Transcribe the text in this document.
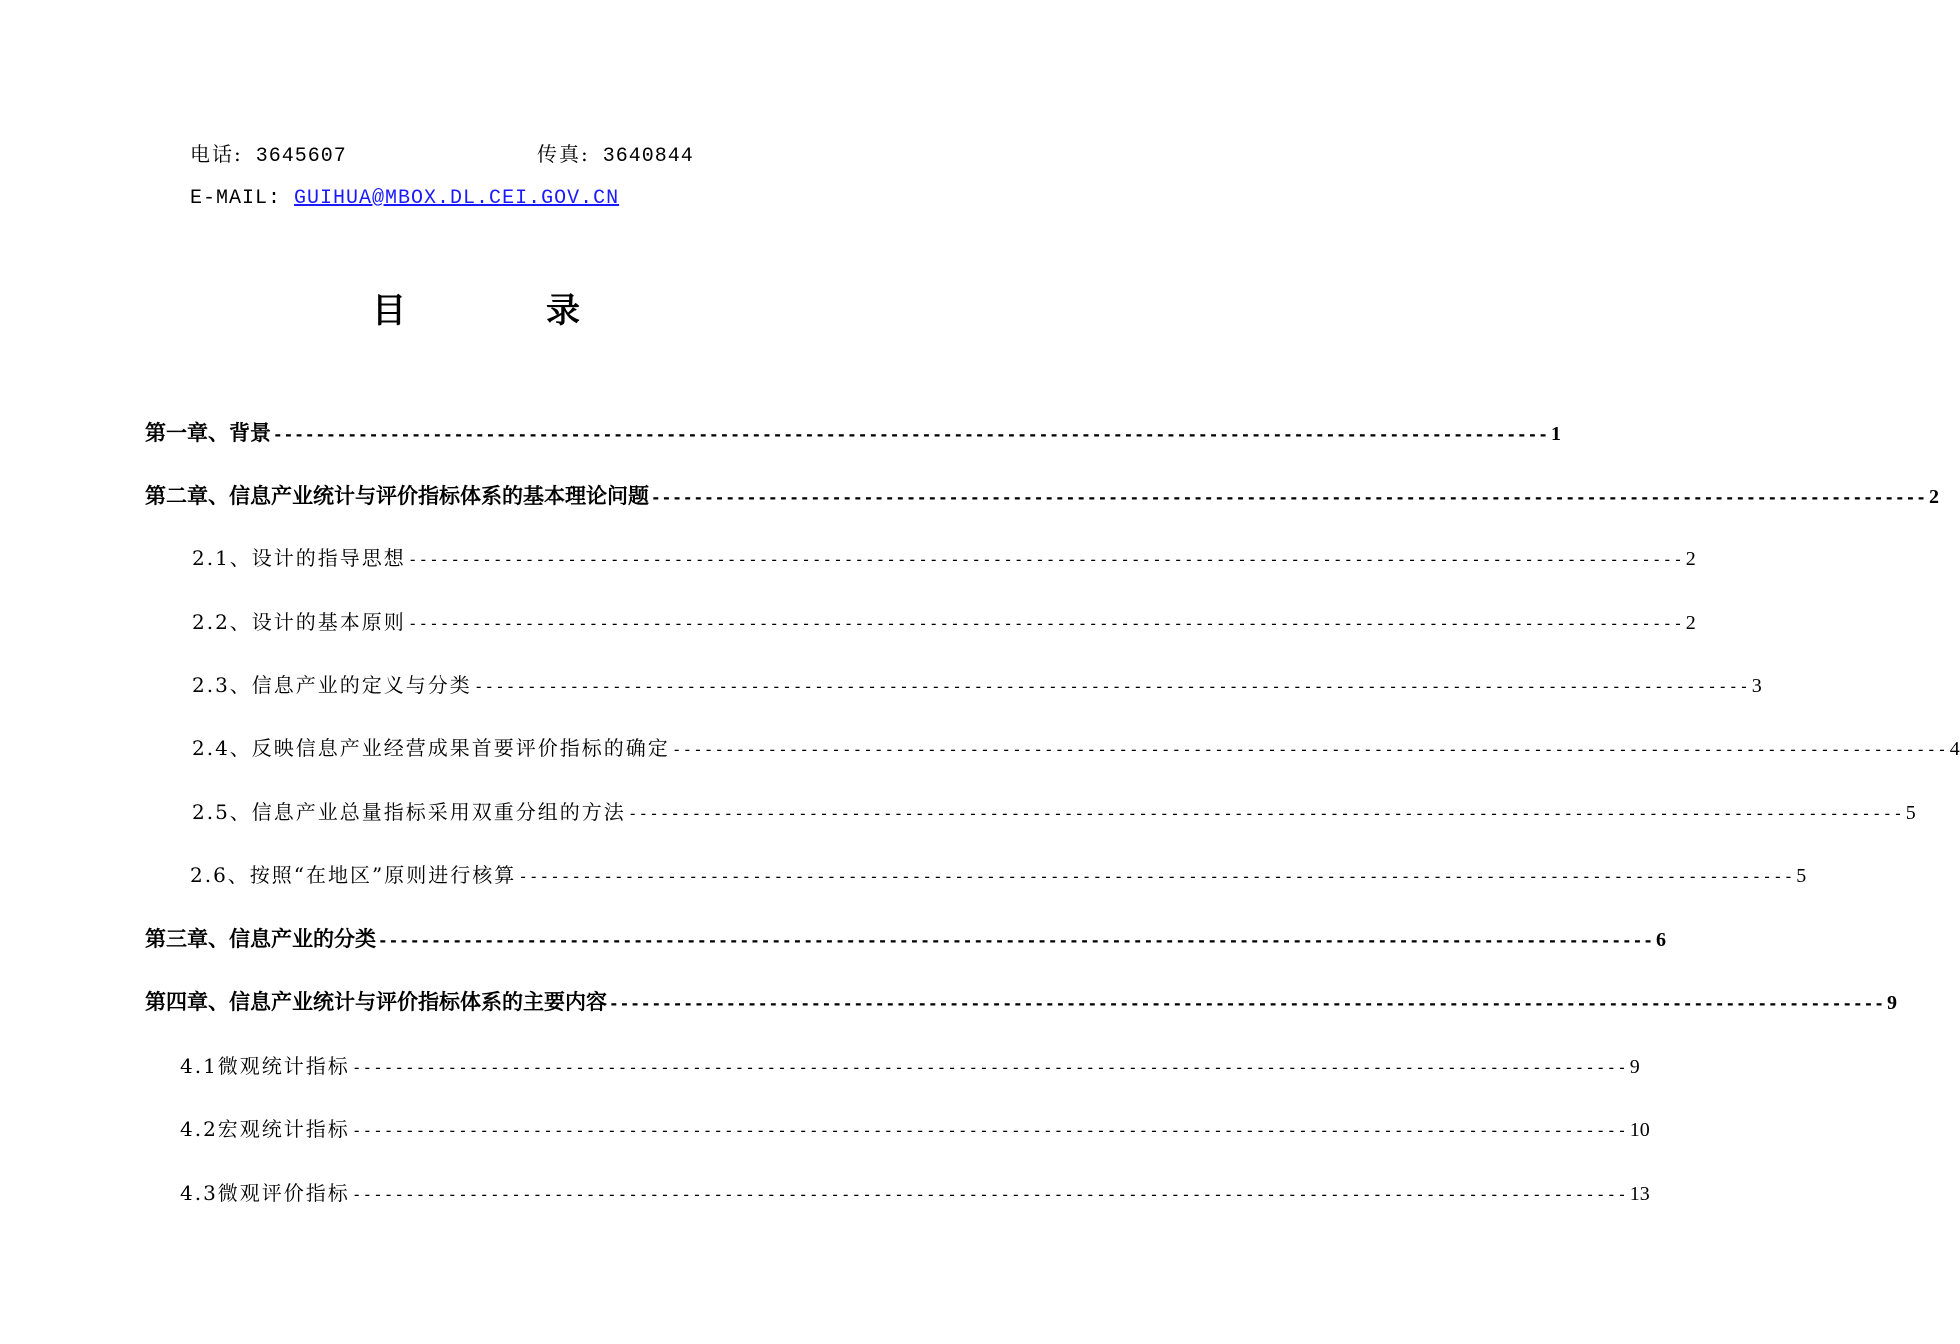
电话: 3645607	传真: 3640844
E-MAIL: GUIHUA@MBOX.DL.CEI.GOV.CN
目	录
第一章、背景 ------------------------------------------------------------------------------------------------------------------------ 1
第二章、信息产业统计与评价指标体系的基本理论问题 ------------------------------------------------------------------------------------------------------------------------ 2
2.1、设计的指导思想 ------------------------------------------------------------------------------------------------------------------------ 2
2.2、设计的基本原则 ------------------------------------------------------------------------------------------------------------------------ 2
2.3、信息产业的定义与分类 ------------------------------------------------------------------------------------------------------------------------ 3
2.4、反映信息产业经营成果首要评价指标的确定 ------------------------------------------------------------------------------------------------------------------------ 4
2.5、信息产业总量指标采用双重分组的方法 ------------------------------------------------------------------------------------------------------------------------ 5
2.6、按照“在地区”原则进行核算 ------------------------------------------------------------------------------------------------------------------------ 5
第三章、信息产业的分类 ------------------------------------------------------------------------------------------------------------------------ 6
第四章、信息产业统计与评价指标体系的主要内容 ------------------------------------------------------------------------------------------------------------------------ 9
4.1微观统计指标 ------------------------------------------------------------------------------------------------------------------------ 9
4.2宏观统计指标 ------------------------------------------------------------------------------------------------------------------------ 10
4.3微观评价指标 ------------------------------------------------------------------------------------------------------------------------ 13
